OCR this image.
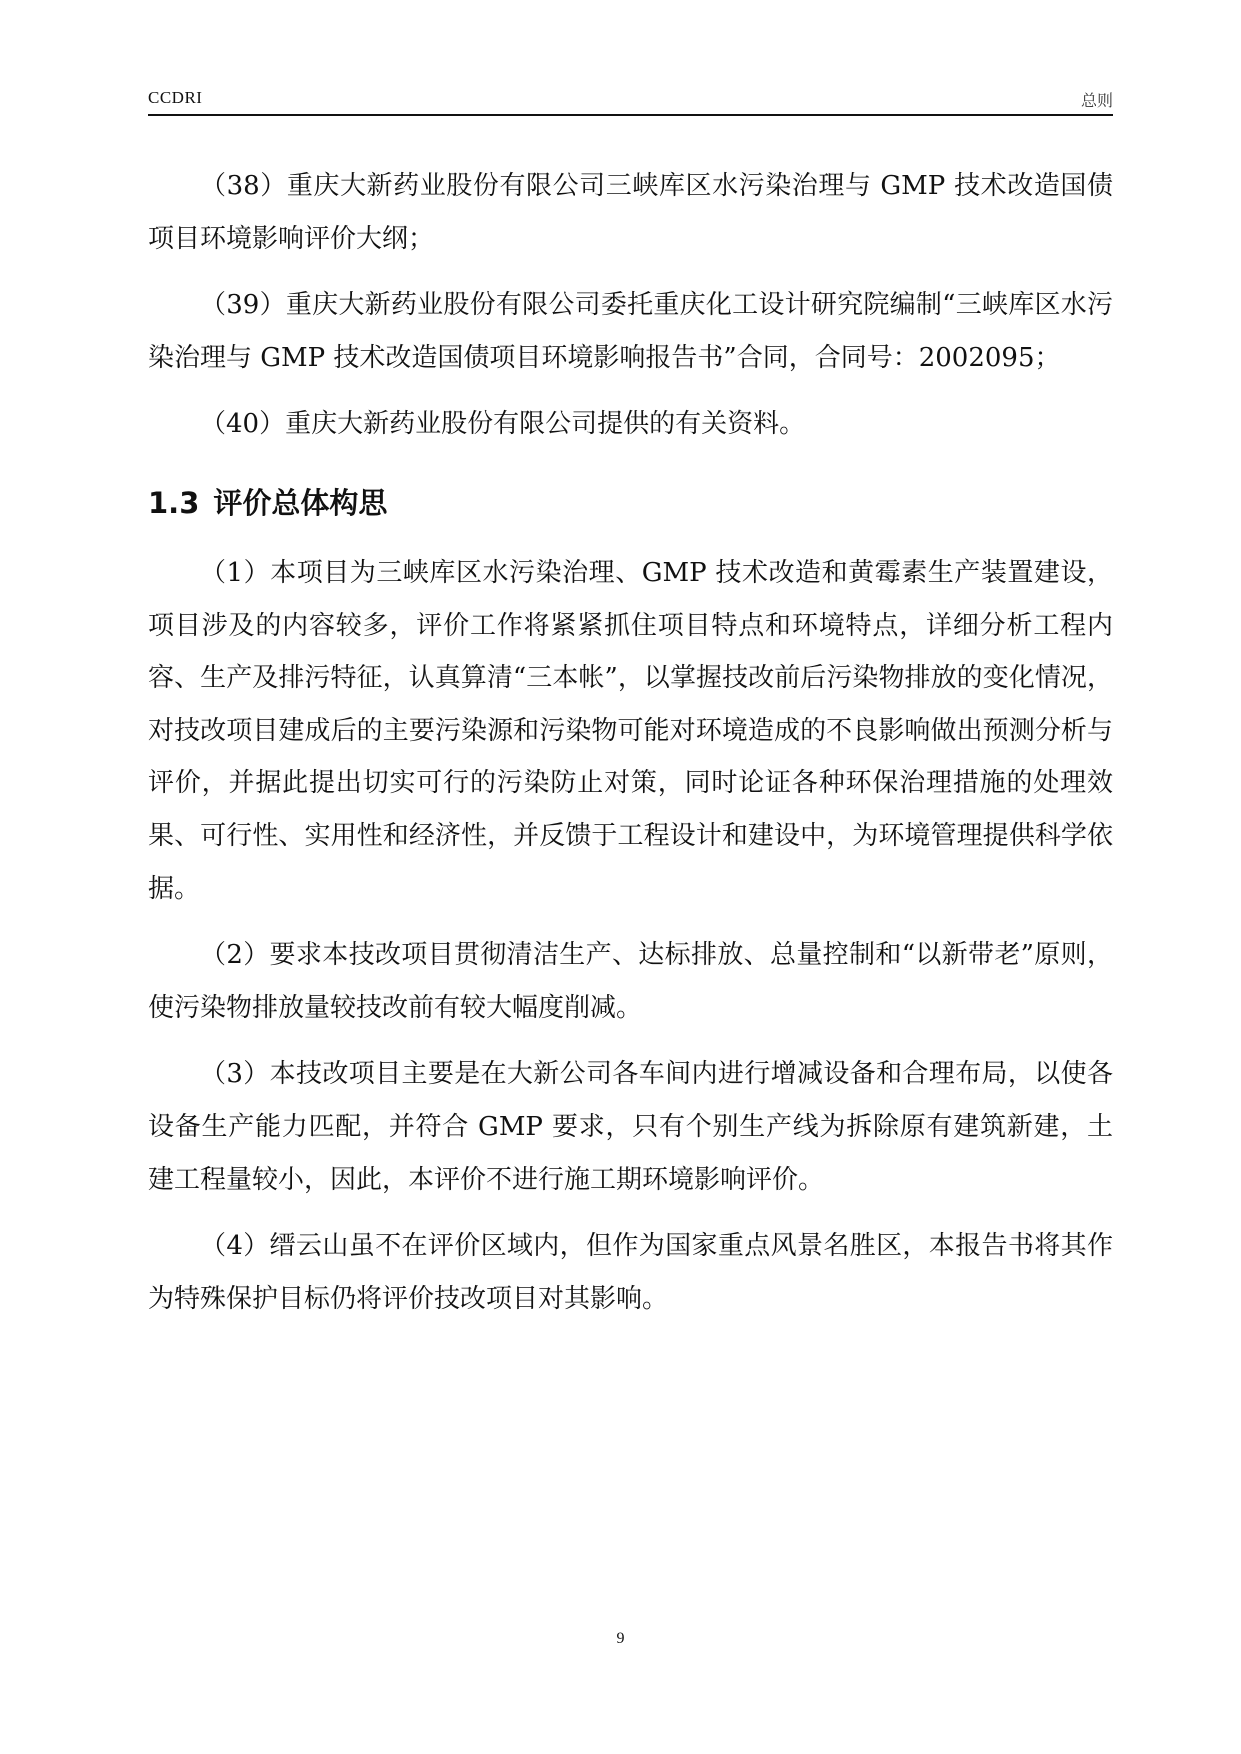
CCDRI	总则

（38）重庆大新药业股份有限公司三峡库区水污染治理与 GMP 技术改造国债项目环境影响评价大纲；

（39）重庆大新药业股份有限公司委托重庆化工设计研究院编制“三峡库区水污染治理与 GMP 技术改造国债项目环境影响报告书”合同，合同号：2002095；

（40）重庆大新药业股份有限公司提供的有关资料。

1.3 评价总体构思

（1）本项目为三峡库区水污染治理、GMP 技术改造和黄霉素生产装置建设，项目涉及的内容较多，评价工作将紧紧抓住项目特点和环境特点，详细分析工程内容、生产及排污特征，认真算清“三本帐”，以掌握技改前后污染物排放的变化情况，对技改项目建成后的主要污染源和污染物可能对环境造成的不良影响做出预测分析与评价，并据此提出切实可行的污染防止对策，同时论证各种环保治理措施的处理效果、可行性、实用性和经济性，并反馈于工程设计和建设中，为环境管理提供科学依据。

（2）要求本技改项目贯彻清洁生产、达标排放、总量控制和“以新带老”原则，使污染物排放量较技改前有较大幅度削减。

（3）本技改项目主要是在大新公司各车间内进行增减设备和合理布局，以使各设备生产能力匹配，并符合 GMP 要求，只有个别生产线为拆除原有建筑新建，土建工程量较小，因此，本评价不进行施工期环境影响评价。

（4）缙云山虽不在评价区域内，但作为国家重点风景名胜区，本报告书将其作为特殊保护目标仍将评价技改项目对其影响。

9
